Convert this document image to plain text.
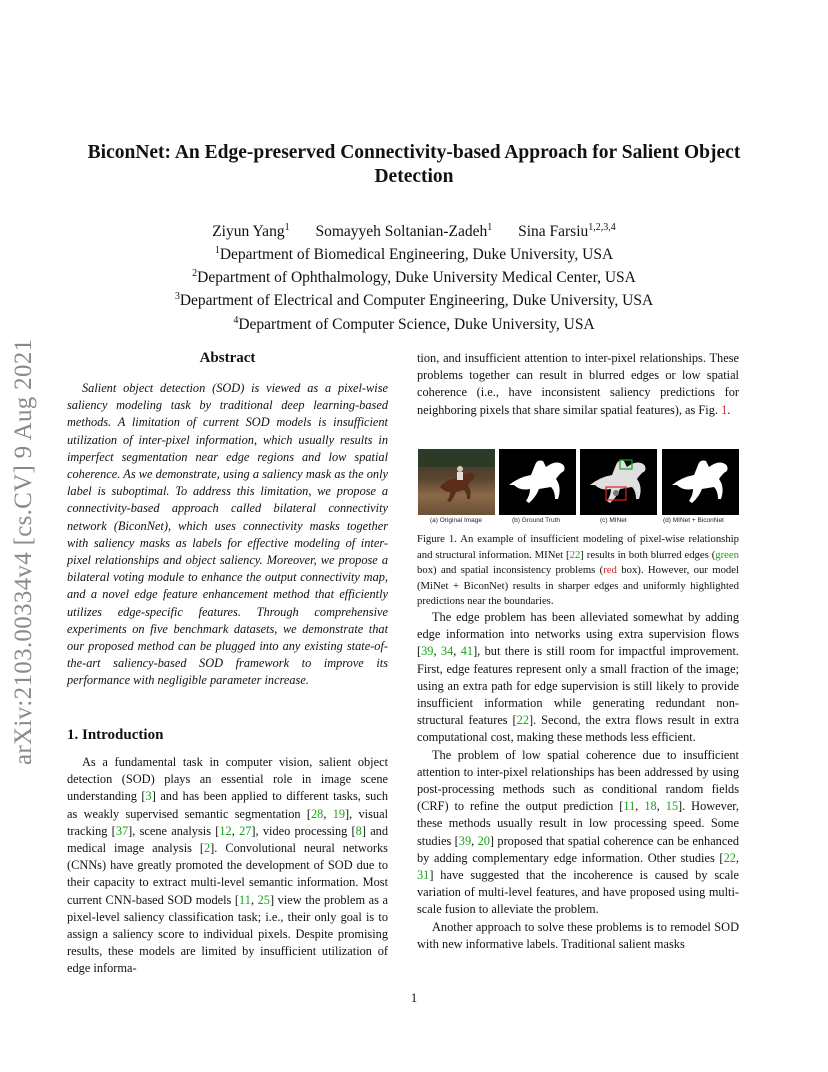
BiconNet: An Edge-preserved Connectivity-based Approach for Salient Object
Detection
Ziyun Yang$^1$ Somayyeh Soltanian-Zadeh$^1$ Sina Farsiu$^{1,2,3,4}$
$^1$Department of Biomedical Engineering, Duke University, USA
$^2$Department of Ophthalmology, Duke University Medical Center, USA
$^3$Department of Electrical and Computer Engineering, Duke University, USA
$^4$Department of Computer Science, Duke University, USA
arXiv:2103.00334v4 [cs.CV] 9 Aug 2021	Abstract

Salient object detection (SOD) is viewed as a pixel-wise saliency modeling task by traditional deep learning-based methods. A limitation of current SOD models is insufficient utilization of inter-pixel information, which usually results in imperfect segmentation near edge regions and low spatial coherence. As we demonstrate, using a saliency mask as the only label is suboptimal. To address this limitation, we propose a connectivity-based approach called bilateral connectivity network (BiconNet), which uses connectivity masks together with saliency masks as labels for effective modeling of inter-pixel relationships and object saliency. Moreover, we propose a bilateral voting module to enhance the output connectivity map, and a novel edge feature enhancement method that efficiently utilizes edge-specific features. Through comprehensive experiments on five benchmark datasets, we demonstrate that our proposed method can be plugged into any existing state-of-the-art saliency-based SOD framework to improve its performance with negligible parameter increase.

1. Introduction

As a fundamental task in computer vision, salient object detection (SOD) plays an essential role in image scene understanding [3] and has been applied to different tasks, such as weakly supervised semantic segmentation [28, 19], visual tracking [37], scene analysis [12, 27], video processing [8] and medical image analysis [2]. Convolutional neural networks (CNNs) have greatly promoted the development of SOD due to their capacity to extract multi-level semantic information. Most current CNN-based SOD models [11, 25] view the problem as a pixel-level saliency classification task; i.e., their only goal is to assign a saliency score to individual pixels. Despite promising results, these models are limited by insufficient utilization of edge informa-

tion, and insufficient attention to inter-pixel relationships. These problems together can result in blurred edges or low spatial coherence (i.e., have inconsistent saliency predictions for neighboring pixels that share similar spatial features), as Fig. 1.

(a) Original Image	(b) Ground Truth	(c) MINet	(d) MINet + BiconNet
Figure 1. An example of insufficient modeling of pixel-wise relationship and structural information. MINet [22] results in both blurred edges (green box) and spatial inconsistency problems (red box). However, our model (MiNet + BiconNet) results in sharper edges and uniformly highlighted predictions near the boundaries.

The edge problem has been alleviated somewhat by adding edge information into networks using extra supervision flows [39, 34, 41], but there is still room for impactful improvement. First, edge features represent only a small fraction of the image; using an extra path for edge supervision is still likely to provide insufficient information while generating redundant non-structural features [22]. Second, the extra flows result in extra computational cost, making these methods less efficient.

The problem of low spatial coherence due to insufficient attention to inter-pixel relationships has been addressed by using post-processing methods such as conditional random fields (CRF) to refine the output prediction [11, 18, 15]. However, these methods usually result in low processing speed. Some studies [39, 20] proposed that spatial coherence can be enhanced by adding complementary edge information. Other studies [22, 31] have suggested that the incoherence is caused by scale variation of multi-level features, and have proposed using multi-scale fusion to alleviate the problem.

Another approach to solve these problems is to remodel SOD with new informative labels. Traditional salient masks

1
